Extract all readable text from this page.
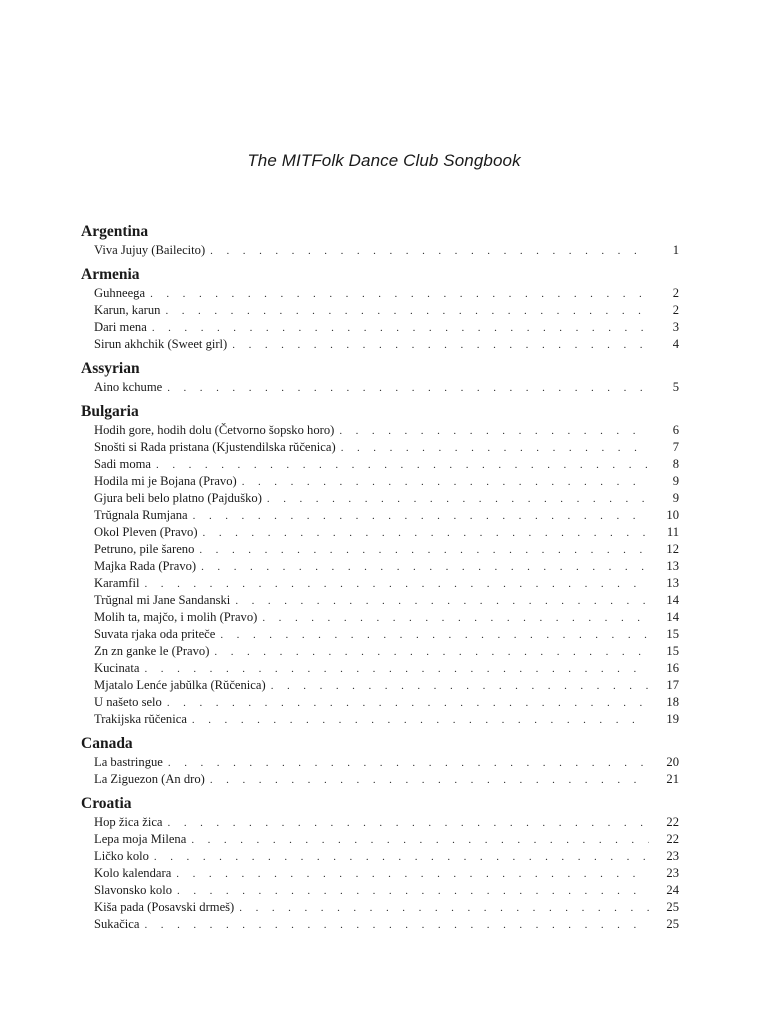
The MITFolk Dance Club Songbook
Argentina
Viva Jujuy (Bailecito) . . .	1
Armenia
Guhneega . . .	2
Karun, karun . . .	2
Dari mena . . .	3
Sirun akhchik (Sweet girl) . . .	4
Assyrian
Aino kchume . . .	5
Bulgaria
Hodih gore, hodih dolu (Četvorno šopsko horo) . . .	6
Snošti si Rada pristana (Kjustendilska rŭčenica) . . .	7
Sadi moma . . .	8
Hodila mi je Bojana (Pravo) . . .	9
Gjura beli belo platno (Pajduško) . . .	9
Trŭgnala Rumjana . . .	10
Okol Pleven (Pravo) . . .	11
Petruno, pile šareno . . .	12
Majka Rada (Pravo) . . .	13
Karamfil . . .	13
Trŭgnal mi Jane Sandanski . . .	14
Molih ta, majčo, i molih (Pravo) . . .	14
Suvata rjaka oda priteče . . .	15
Zn zn ganke le (Pravo) . . .	15
Kucinata . . .	16
Mjatalo Lenće jabŭlka (Rŭčenica) . . .	17
U našeto selo . . .	18
Trakijska rŭčenica . . .	19
Canada
La bastringue . . .	20
La Ziguezon (An dro) . . .	21
Croatia
Hop žica žica . . .	22
Lepa moja Milena . . .	22
Ličko kolo . . .	23
Kolo kalendara . . .	23
Slavonsko kolo . . .	24
Kiša pada (Posavski drmeš) . . .	25
Sukačica . . .	25
